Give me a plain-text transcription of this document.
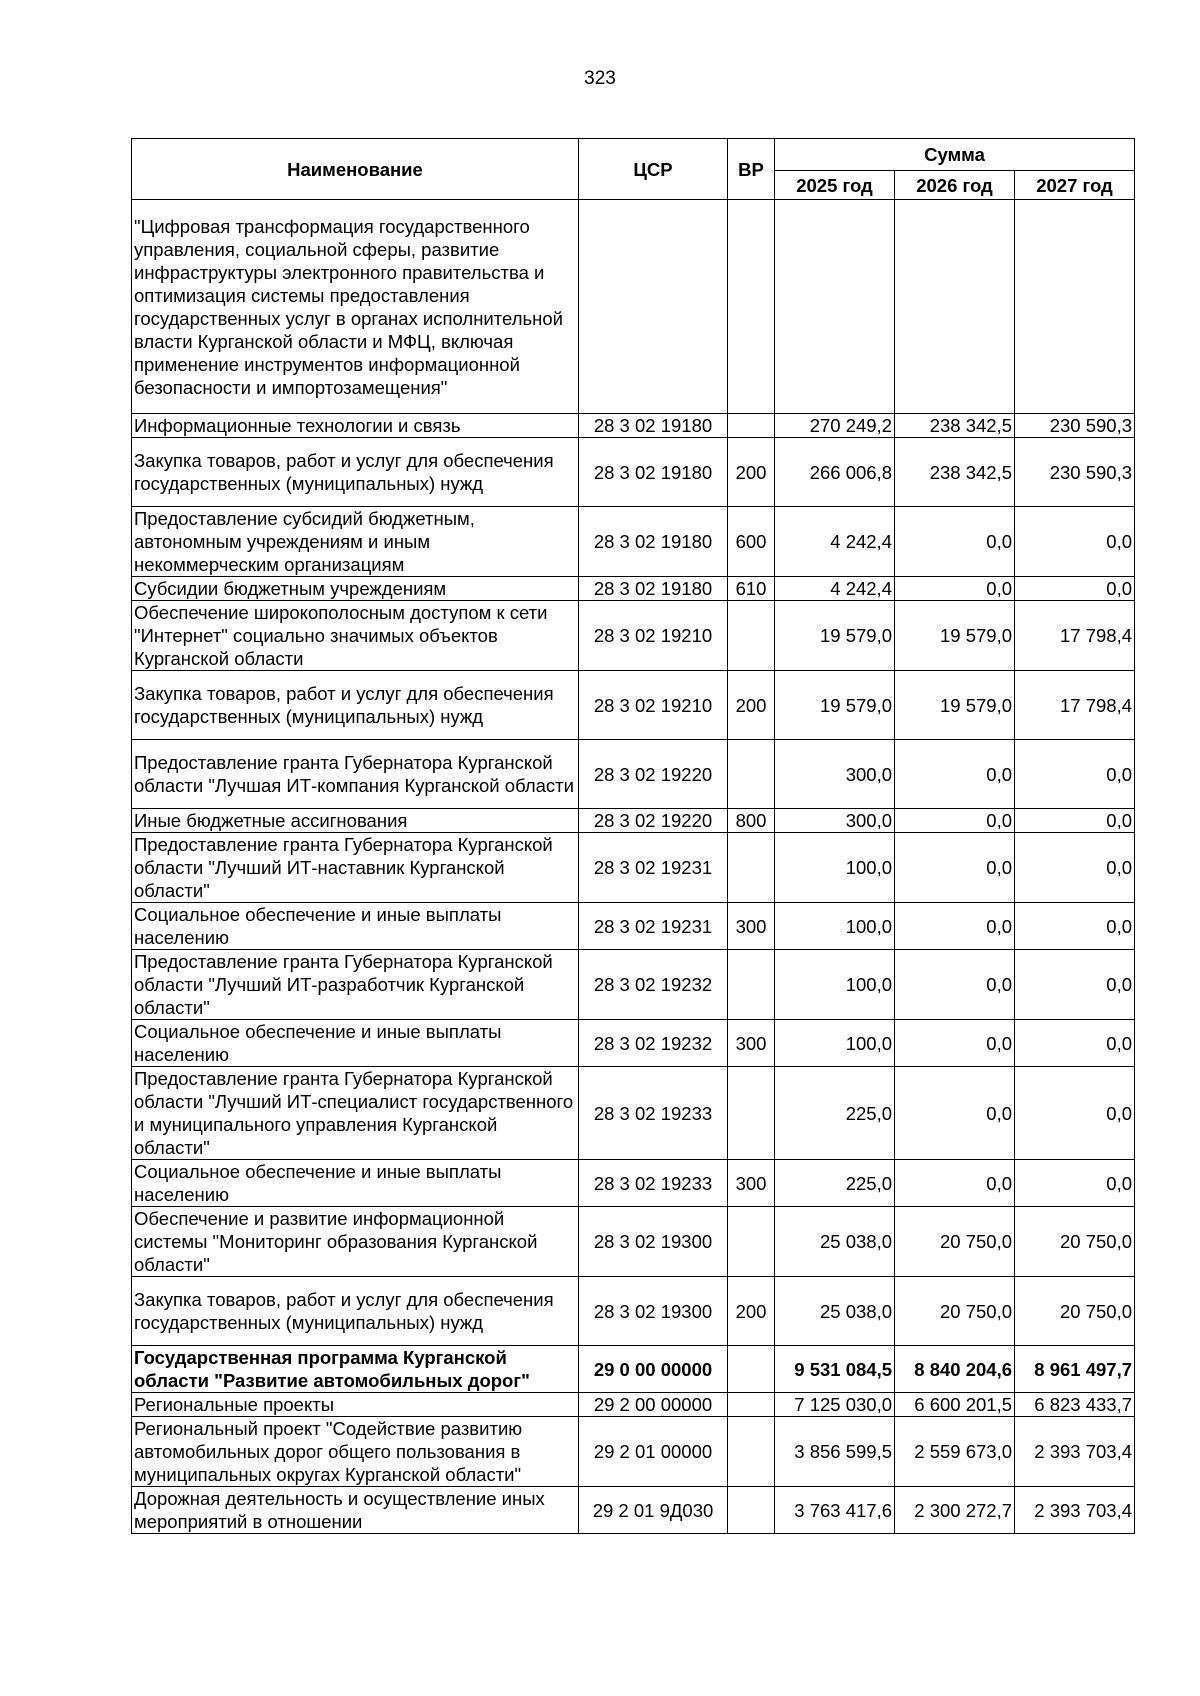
323
Наименование	ЦСР	ВР	Сумма		
			2025 год	2026 год	2027 год
"Цифровая трансформация государственного управления, социальной сферы, развитие инфраструктуры электронного правительства и оптимизация системы предоставления государственных услуг в органах исполнительной власти Курганской области и МФЦ, включая применение инструментов информационной безопасности и импортозамещения"					
Информационные технологии и связь	28 3 02 19180		270 249,2	238 342,5	230 590,3
Закупка товаров, работ и услуг для обеспечения государственных (муниципальных) нужд	28 3 02 19180	200	266 006,8	238 342,5	230 590,3
Предоставление субсидий бюджетным, автономным учреждениям и иным некоммерческим организациям	28 3 02 19180	600	4 242,4	0,0	0,0
Субсидии бюджетным учреждениям	28 3 02 19180	610	4 242,4	0,0	0,0
Обеспечение широкополосным доступом к сети "Интернет" социально значимых объектов Курганской области	28 3 02 19210		19 579,0	19 579,0	17 798,4
Закупка товаров, работ и услуг для обеспечения государственных (муниципальных) нужд	28 3 02 19210	200	19 579,0	19 579,0	17 798,4
Предоставление гранта Губернатора Курганской области "Лучшая ИТ-компания Курганской области	28 3 02 19220		300,0	0,0	0,0
Иные бюджетные ассигнования	28 3 02 19220	800	300,0	0,0	0,0
Предоставление гранта Губернатора Курганской области "Лучший ИТ-наставник Курганской области"	28 3 02 19231		100,0	0,0	0,0
Социальное обеспечение и иные выплаты населению	28 3 02 19231	300	100,0	0,0	0,0
Предоставление гранта Губернатора Курганской области "Лучший ИТ-разработчик Курганской области"	28 3 02 19232		100,0	0,0	0,0
Социальное обеспечение и иные выплаты населению	28 3 02 19232	300	100,0	0,0	0,0
Предоставление гранта Губернатора Курганской области "Лучший ИТ-специалист государственного и муниципального управления Курганской области"	28 3 02 19233		225,0	0,0	0,0
Социальное обеспечение и иные выплаты населению	28 3 02 19233	300	225,0	0,0	0,0
Обеспечение и развитие информационной системы "Мониторинг образования Курганской области"	28 3 02 19300		25 038,0	20 750,0	20 750,0
Закупка товаров, работ и услуг для обеспечения государственных (муниципальных) нужд	28 3 02 19300	200	25 038,0	20 750,0	20 750,0
Государственная программа Курганской области "Развитие автомобильных дорог"	29 0 00 00000		9 531 084,5	8 840 204,6	8 961 497,7
Региональные проекты	29 2 00 00000		7 125 030,0	6 600 201,5	6 823 433,7
Региональный проект "Содействие развитию автомобильных дорог общего пользования в муниципальных округах Курганской области"	29 2 01 00000		3 856 599,5	2 559 673,0	2 393 703,4
Дорожная деятельность и осуществление иных мероприятий в отношении	29 2 01 9Д030		3 763 417,6	2 300 272,7	2 393 703,4
